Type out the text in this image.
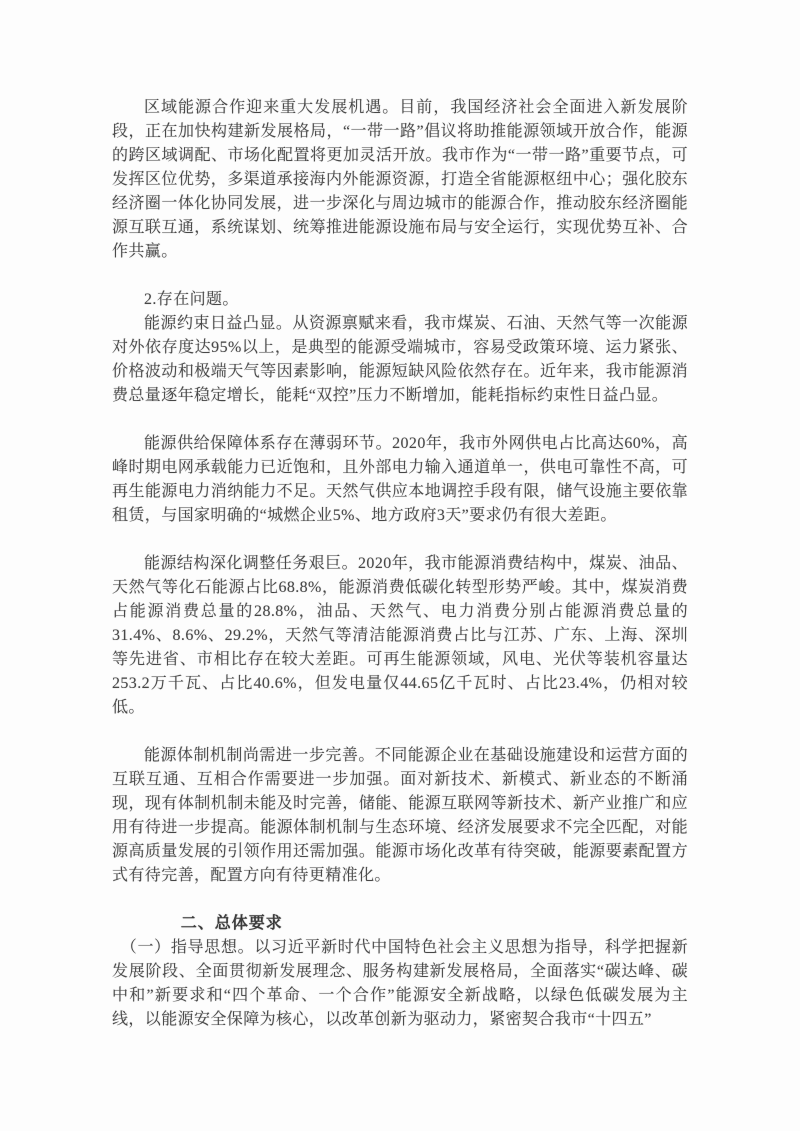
区域能源合作迎来重大发展机遇。目前，我国经济社会全面进入新发展阶段，正在加快构建新发展格局，“一带一路”倡议将助推能源领域开放合作，能源的跨区域调配、市场化配置将更加灵活开放。我市作为“一带一路”重要节点，可发挥区位优势，多渠道承接海内外能源资源，打造全省能源枢纽中心；强化胶东经济圈一体化协同发展，进一步深化与周边城市的能源合作，推动胶东经济圈能源互联互通，系统谋划、统筹推进能源设施布局与安全运行，实现优势互补、合作共赢。

2.存在问题。

能源约束日益凸显。从资源禀赋来看，我市煤炭、石油、天然气等一次能源对外依存度达95%以上，是典型的能源受端城市，容易受政策环境、运力紧张、价格波动和极端天气等因素影响，能源短缺风险依然存在。近年来，我市能源消费总量逐年稳定增长，能耗“双控”压力不断增加，能耗指标约束性日益凸显。

能源供给保障体系存在薄弱环节。2020年，我市外网供电占比高达60%，高峰时期电网承载能力已近饱和，且外部电力输入通道单一，供电可靠性不高，可再生能源电力消纳能力不足。天然气供应本地调控手段有限，储气设施主要依靠租赁，与国家明确的“城燃企业5%、地方政府3天”要求仍有很大差距。

能源结构深化调整任务艰巨。2020年，我市能源消费结构中，煤炭、油品、天然气等化石能源占比68.8%，能源消费低碳化转型形势严峻。其中，煤炭消费占能源消费总量的28.8%，油品、天然气、电力消费分别占能源消费总量的31.4%、8.6%、29.2%，天然气等清洁能源消费占比与江苏、广东、上海、深圳等先进省、市相比存在较大差距。可再生能源领域，风电、光伏等装机容量达253.2万千瓦、占比40.6%，但发电量仅44.65亿千瓦时、占比23.4%，仍相对较低。

能源体制机制尚需进一步完善。不同能源企业在基础设施建设和运营方面的互联互通、互相合作需要进一步加强。面对新技术、新模式、新业态的不断涌现，现有体制机制未能及时完善，储能、能源互联网等新技术、新产业推广和应用有待进一步提高。能源体制机制与生态环境、经济发展要求不完全匹配，对能源高质量发展的引领作用还需加强。能源市场化改革有待突破，能源要素配置方式有待完善，配置方向有待更精准化。

二、总体要求

（一）指导思想。以习近平新时代中国特色社会主义思想为指导，科学把握新发展阶段、全面贯彻新发展理念、服务构建新发展格局，全面落实“碳达峰、碳中和”新要求和“四个革命、一个合作”能源安全新战略，以绿色低碳发展为主线，以能源安全保障为核心，以改革创新为驱动力，紧密契合我市“十四五”
